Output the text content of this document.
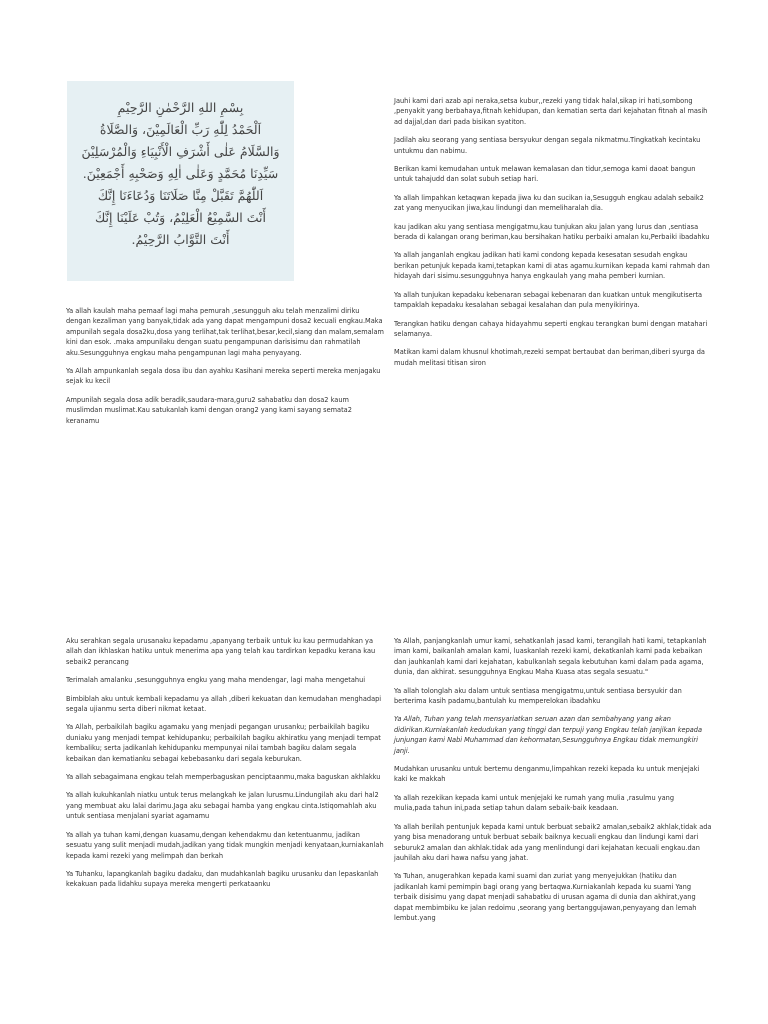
بِسْمِ اللهِ الرَّحْمٰنِ الرَّحِيْمِ
اَلْحَمْدُ لِلّٰهِ رَبِّ الْعَالَمِيْنَ، وَالصَّلَاةُ
وَالسَّلَامُ عَلٰى أَشْرَفِ الْأَنْبِيَاءِ وَالْمُرْسَلِيْنَ
سَيِّدِنَا مُحَمَّدٍ وَعَلٰى اٰلِهِ وَصَحْبِهِ أَجْمَعِيْنَ.
اَللّٰهُمَّ تَقَبَّلْ مِنَّا صَلَاتَنَا وَدُعَاءَنَا إِنَّكَ
أَنْتَ السَّمِيْعُ الْعَلِيْمُ، وَتُبْ عَلَيْنَا إِنَّكَ
أَنْتَ التَّوَّابُ الرَّحِيْمُ.

Ya allah kaulah maha pemaaf lagi maha pemurah ,sesungguh aku telah menzalimi diriku dengan kezaliman yang banyak,tidak ada yang dapat mengampuni dosa2 kecuali engkau.Maka ampunilah segala dosa2ku,dosa yang terlihat,tak terlihat,besar,kecil,siang dan malam,semalam kini dan esok. .maka ampunilaku dengan suatu pengampunan darisisimu dan rahmatilah aku.Sesungguhnya engkau maha pengampunan lagi maha penyayang.

Ya Allah ampunkanlah segala dosa ibu dan ayahku Kasihani mereka seperti mereka menjagaku sejak ku kecil

Ampunilah segala dosa adik beradik,saudara-mara,guru2 sahabatku dan dosa2 kaum muslimdan muslimat.Kau satukanlah kami dengan orang2 yang kami sayang semata2 keranamu

Jauhi kami dari azab api neraka,setsa kubur,,rezeki yang tidak halal,sikap iri hati,sombong ,penyakit yang berbahaya,fitnah kehidupan, dan kematian serta dari kejahatan fitnah al masih ad dajjal,dan dari pada bisikan syatiton.

Jadilah aku seorang yang sentiasa bersyukur dengan segala nikmatmu.Tingkatkah kecintaku untukmu dan nabimu.

Berikan kami kemudahan untuk melawan kemalasan dan tidur,semoga kami daoat bangun untuk tahajudd dan solat subuh setiap hari.

Ya allah limpahkan ketaqwan kepada jiwa ku dan sucikan ia,Sesugguh engkau adalah sebaik2 zat yang menyucikan jiwa,kau lindungi dan memeliharalah dia.

kau jadikan aku yang sentiasa mengigatmu,kau tunjukan aku jalan yang lurus dan ,sentiasa berada di kalangan orang beriman,kau bersihakan hatiku perbaiki amalan ku,Perbaiki ibadahku

Ya allah janganlah engkau jadikan hati kami condong kepada kesesatan sesudah engkau berikan petunjuk kepada kami,tetapkan kami di atas agamu.kurnikan kepada kami rahmah dan hidayah dari sisimu.sesungguhnya hanya engkaulah yang maha pemberi kurnian.

Ya allah tunjukan kepadaku kebenaran sebagai kebenaran dan kuatkan untuk mengikutiserta tampaklah kepadaku kesalahan sebagai kesalahan dan pula menyikirinya.

Terangkan hatiku dengan cahaya hidayahmu seperti engkau terangkan bumi dengan matahari selamanya.

Matikan kami dalam khusnul khotimah,rezeki sempat bertaubat dan beriman,diberi syurga da mudah melitasi titisan siron

Aku serahkan segala urusanaku kepadamu ,apanyang terbaik untuk ku kau permudahkan ya allah dan ikhlaskan hatiku untuk menerima apa yang telah kau tardirkan kepadku kerana kau sebaik2 perancang

Terimalah amalanku ,sesungguhnya engku yang maha mendengar, lagi maha mengetahui

Bimbiblah aku untuk kembali kepadamu ya allah ,diberi kekuatan dan kemudahan menghadapi segala ujianmu serta diberi nikmat ketaat.

Ya Allah, perbaikilah bagiku agamaku yang menjadi pegangan urusanku; perbaikilah bagiku duniaku yang menjadi tempat kehidupanku; perbaikilah bagiku akhiratku yang menjadi tempat kembaliku; serta jadikanlah kehidupanku mempunyai nilai tambah bagiku dalam segala kebaikan dan kematianku sebagai kebebasanku dari segala keburukan.

Ya allah sebagaimana engkau telah memperbaguskan penciptaanmu,maka baguskan akhlakku

Ya allah kukuhkanlah niatku untuk terus melangkah ke jalan lurusmu.Lindungilah aku dari hal2 yang membuat aku lalai darimu.Jaga aku sebagai hamba yang engkau cinta.Istiqomahlah aku untuk sentiasa menjalani syariat agamamu

Ya allah ya tuhan kami,dengan kuasamu,dengan kehendakmu dan ketentuanmu, jadikan sesuatu yang sulit menjadi mudah,jadikan yang tidak mungkin menjadi kenyataan,kurniakanlah kepada kami rezeki yang melimpah dan berkah

Ya Tuhanku, lapangkanlah bagiku dadaku, dan mudahkanlah bagiku urusanku dan lepaskanlah kekakuan pada lidahku supaya mereka mengerti perkataanku

Ya Allah, panjangkanlah umur kami, sehatkanlah jasad kami, terangilah hati kami, tetapkanlah iman kami, baikanlah amalan kami, luaskanlah rezeki kami, dekatkanlah kami pada kebaikan dan jauhkanlah kami dari kejahatan, kabulkanlah segala kebutuhan kami dalam pada agama, dunia, dan akhirat. sesungguhnya Engkau Maha Kuasa atas segala sesuatu."

Ya allah tolonglah aku dalam untuk sentiasa mengigatmu,untuk sentiasa bersyukir dan berterima kasih padamu,bantulah ku memperelokan ibadahku

Ya Allah, Tuhan yang telah mensyariatkan seruan azan dan sembahyang yang akan didirikan.Kurniakanlah kedudukan yang tinggi dan terpuji yang Engkau telah janjikan kepada junjungan kami Nabi Muhammad dan kehormatan,Sesungguhnya Engkau tidak memungkiri janji.

Mudahkan urusanku untuk bertemu denganmu,limpahkan rezeki kepada ku untuk menjejaki kaki ke makkah

Ya allah rezekikan kepada kami untuk menjejaki ke rumah yang mulia ,rasulmu yang mulia,pada tahun ini,pada setiap tahun dalam sebaik-baik keadaan.

Ya allah berilah pentunjuk kepada kami untuk berbuat sebaik2 amalan,sebaik2 akhlak,tidak ada yang bisa menadorang untuk berbuat sebaik baiknya kecuali engkau dan lindungi kami dari seburuk2 amalan dan akhlak.tidak ada yang menlindungi dari kejahatan kecuali engkau.dan jauhilah aku dari hawa nafsu yang jahat.

Ya Tuhan, anugerahkan kepada kami suami dan zuriat yang menyejukkan (hatiku dan jadikanlah kami pemimpin bagi orang yang bertaqwa.Kurniakanlah kepada ku suami Yang terbaik disisimu yang dapat menjadi sahabatku di urusan agama di dunia dan akhirat,yang dapat membimbiku ke jalan redoimu ,seorang yang bertanggujawan,penyayang dan lemah lembut.yang
